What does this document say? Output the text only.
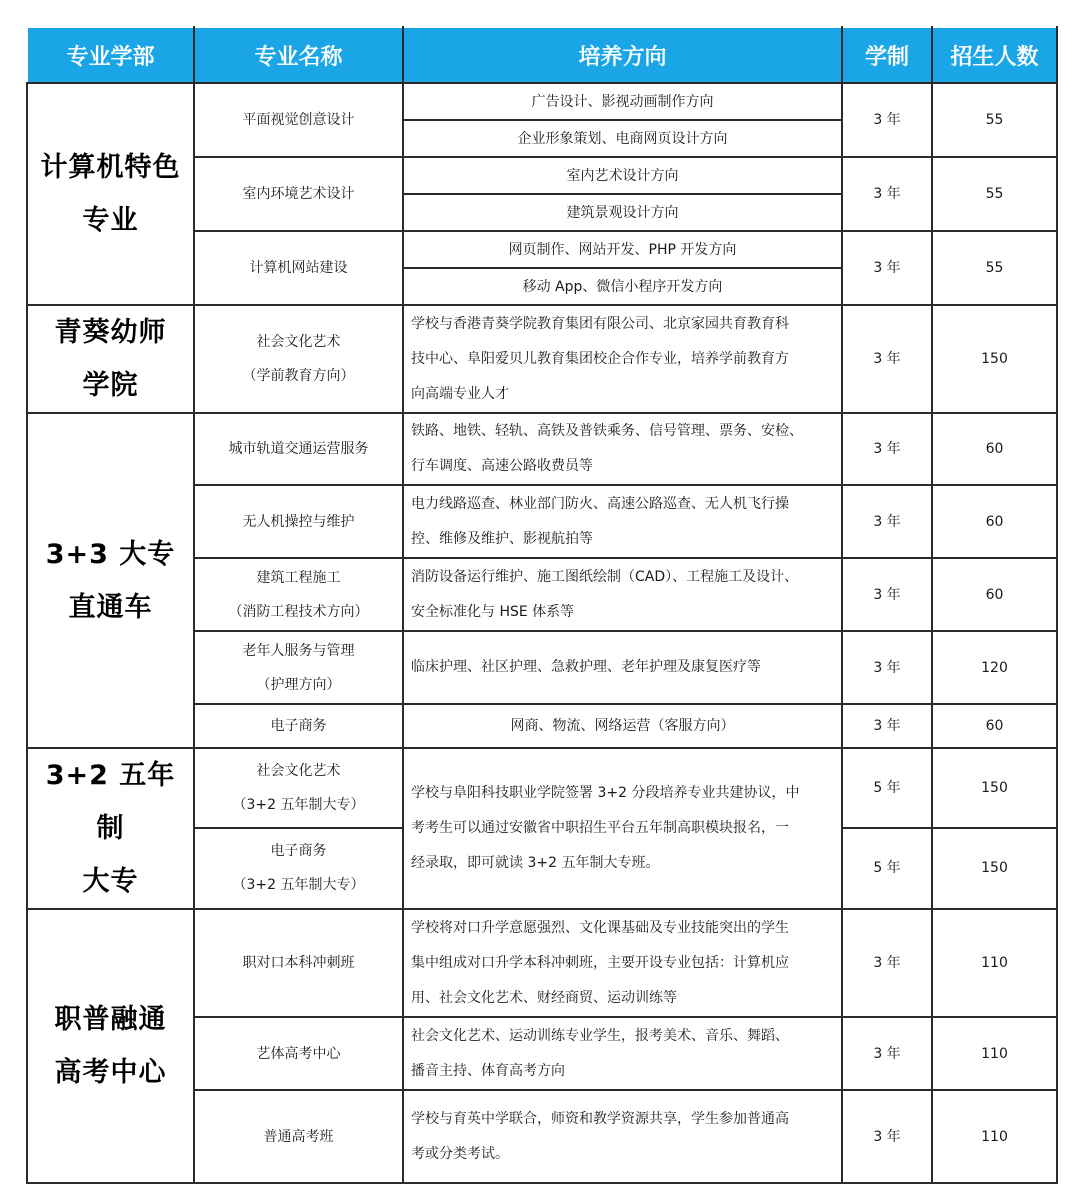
专业学部	专业名称	培养方向	学制	招生人数

计算机特色
专业	平面视觉创意设计	广告设计、影视动画制作方向	3 年	55
		企业形象策划、电商网页设计方向		

	室内环境艺术设计	室内艺术设计方向	3 年	55
		建筑景观设计方向		

	计算机网站建设	网页制作、网站开发、PHP 开发方向	3 年	55
		移动 App、微信小程序开发方向		

青葵幼师
学院	社会文化艺术
（学前教育方向）	学校与香港青葵学院教育集团有限公司、北京家园共育教育科
技中心、阜阳爱贝儿教育集团校企合作专业，培养学前教育方
向高端专业人才	3 年	150

3+3 大专
直通车	城市轨道交通运营服务	铁路、地铁、轻轨、高铁及普铁乘务、信号管理、票务、安检、
行车调度、高速公路收费员等	3 年	60

	无人机操控与维护	电力线路巡查、林业部门防火、高速公路巡查、无人机飞行操
控、维修及维护、影视航拍等	3 年	60

	建筑工程施工
（消防工程技术方向）	消防设备运行维护、施工图纸绘制（CAD）、工程施工及设计、
安全标准化与 HSE 体系等	3 年	60

	老年人服务与管理
（护理方向）	临床护理、社区护理、急救护理、老年护理及康复医疗等	3 年	120

	电子商务	网商、物流、网络运营（客服方向）	3 年	60

3+2 五年制
大专	社会文化艺术
（3+2 五年制大专）	学校与阜阳科技职业学院签署 3+2 分段培养专业共建协议，中
考考生可以通过安徽省中职招生平台五年制高职模块报名，一
经录取，即可就读 3+2 五年制大专班。	5 年	150

	电子商务
（3+2 五年制大专）		5 年	150

职普融通
高考中心	职对口本科冲刺班	学校将对口升学意愿强烈、文化课基础及专业技能突出的学生
集中组成对口升学本科冲刺班，主要开设专业包括：计算机应
用、社会文化艺术、财经商贸、运动训练等	3 年	110

	艺体高考中心	社会文化艺术、运动训练专业学生，报考美术、音乐、舞蹈、
播音主持、体育高考方向	3 年	110

	普通高考班	学校与育英中学联合，师资和教学资源共享，学生参加普通高
考或分类考试。	3 年	110
